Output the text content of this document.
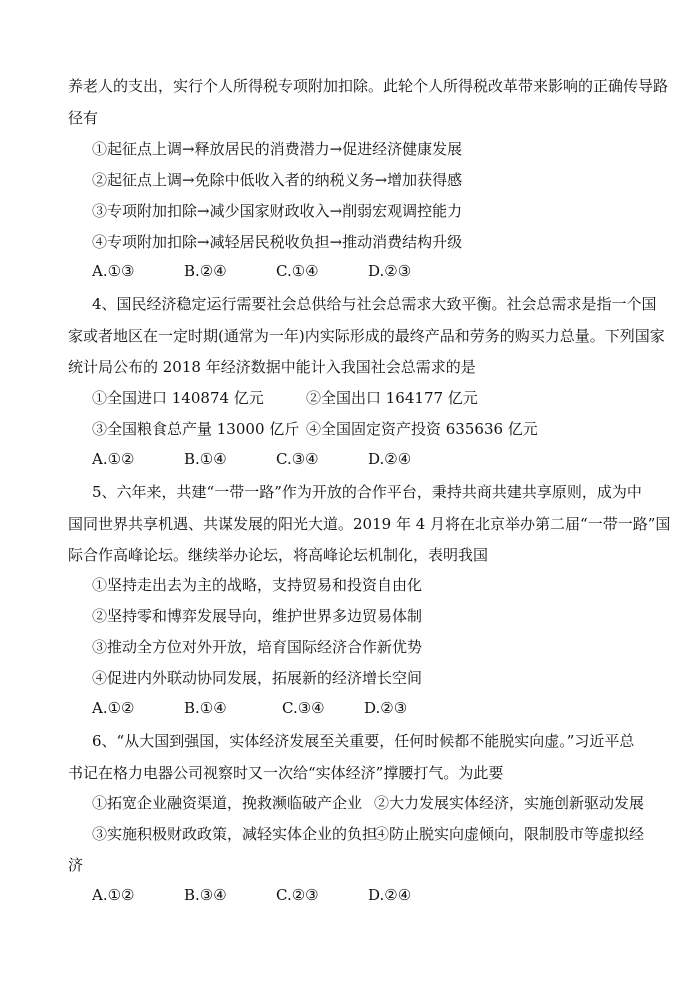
养老人的支出，实行个人所得税专项附加扣除。此轮个人所得税改革带来影响的正确传导路
径有
①起征点上调→释放居民的消费潜力→促进经济健康发展
②起征点上调→免除中低收入者的纳税义务→增加获得感
③专项附加扣除→减少国家财政收入→削弱宏观调控能力
④专项附加扣除→减轻居民税收负担→推动消费结构升级
A.①③	B.②④	C.①④	D.②③
4、国民经济稳定运行需要社会总供给与社会总需求大致平衡。社会总需求是指一个国
家或者地区在一定时期(通常为一年)内实际形成的最终产品和劳务的购买力总量。下列国家
统计局公布的 2018 年经济数据中能计入我国社会总需求的是
①全国进口 140874 亿元	②全国出口 164177 亿元
③全国粮食总产量 13000 亿斤 ④全国固定资产投资 635636 亿元
A.①②	B.①④	C.③④	D.②④
5、六年来，共建“一带一路”作为开放的合作平台，秉持共商共建共享原则，成为中
国同世界共享机遇、共谋发展的阳光大道。2019 年 4 月将在北京举办第二届“一带一路”国
际合作高峰论坛。继续举办论坛，将高峰论坛机制化，表明我国
①坚持走出去为主的战略，支持贸易和投资自由化
②坚持零和博弈发展导向，维护世界多边贸易体制
③推动全方位对外开放，培育国际经济合作新优势
④促进内外联动协同发展，拓展新的经济增长空间
A.①②	B.①④	C.③④	D.②③
6、“从大国到强国，实体经济发展至关重要，任何时候都不能脱实向虚。”习近平总
书记在格力电器公司视察时又一次给“实体经济”撑腰打气。为此要
①拓宽企业融资渠道，挽救濒临破产企业 ②大力发展实体经济，实施创新驱动发展
③实施积极财政政策，减轻实体企业的负担
④防止脱实向虚倾向，限制股市等虚拟经
济
A.①②	B.③④	C.②③	D.②④
